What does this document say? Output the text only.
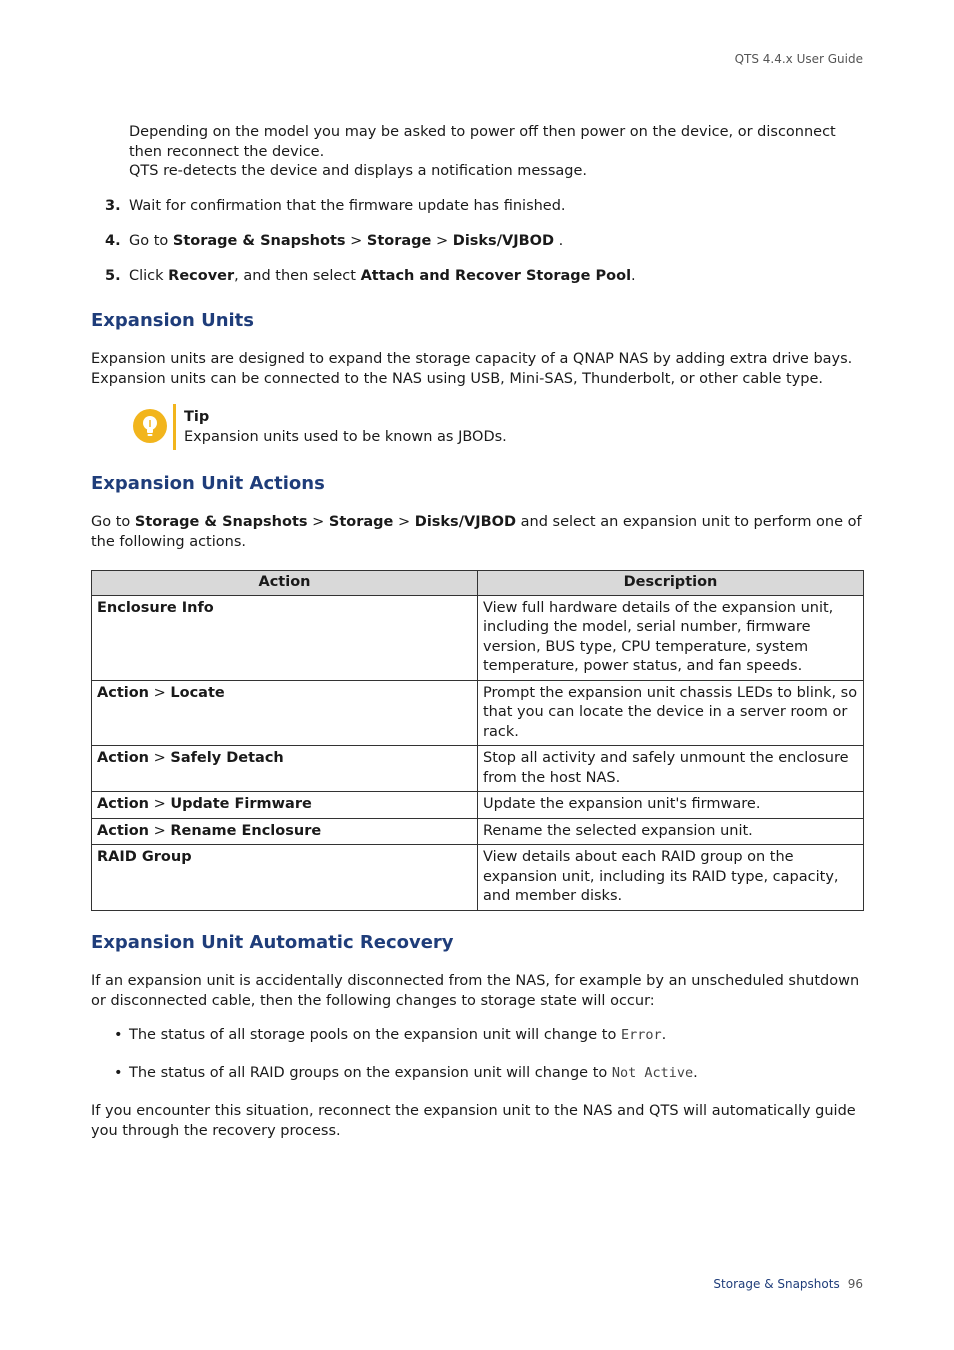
QTS 4.4.x User Guide
Depending on the model you may be asked to power off then power on the device, or disconnect then reconnect the device.
QTS re-detects the device and displays a notification message.
3. Wait for confirmation that the firmware update has finished.
4. Go to Storage & Snapshots > Storage > Disks/VJBOD .
5. Click Recover, and then select Attach and Recover Storage Pool.
Expansion Units
Expansion units are designed to expand the storage capacity of a QNAP NAS by adding extra drive bays. Expansion units can be connected to the NAS using USB, Mini-SAS, Thunderbolt, or other cable type.
Tip
Expansion units used to be known as JBODs.
Expansion Unit Actions
Go to Storage & Snapshots > Storage > Disks/VJBOD and select an expansion unit to perform one of the following actions.
Action	Description
Enclosure Info	View full hardware details of the expansion unit, including the model, serial number, firmware version, BUS type, CPU temperature, system temperature, power status, and fan speeds.
Action > Locate	Prompt the expansion unit chassis LEDs to blink, so that you can locate the device in a server room or rack.
Action > Safely Detach	Stop all activity and safely unmount the enclosure from the host NAS.
Action > Update Firmware	Update the expansion unit's firmware.
Action > Rename Enclosure	Rename the selected expansion unit.
RAID Group	View details about each RAID group on the expansion unit, including its RAID type, capacity, and member disks.
Expansion Unit Automatic Recovery
If an expansion unit is accidentally disconnected from the NAS, for example by an unscheduled shutdown or disconnected cable, then the following changes to storage state will occur:
• The status of all storage pools on the expansion unit will change to Error.
• The status of all RAID groups on the expansion unit will change to Not Active.
If you encounter this situation, reconnect the expansion unit to the NAS and QTS will automatically guide you through the recovery process.
Storage & Snapshots 96
